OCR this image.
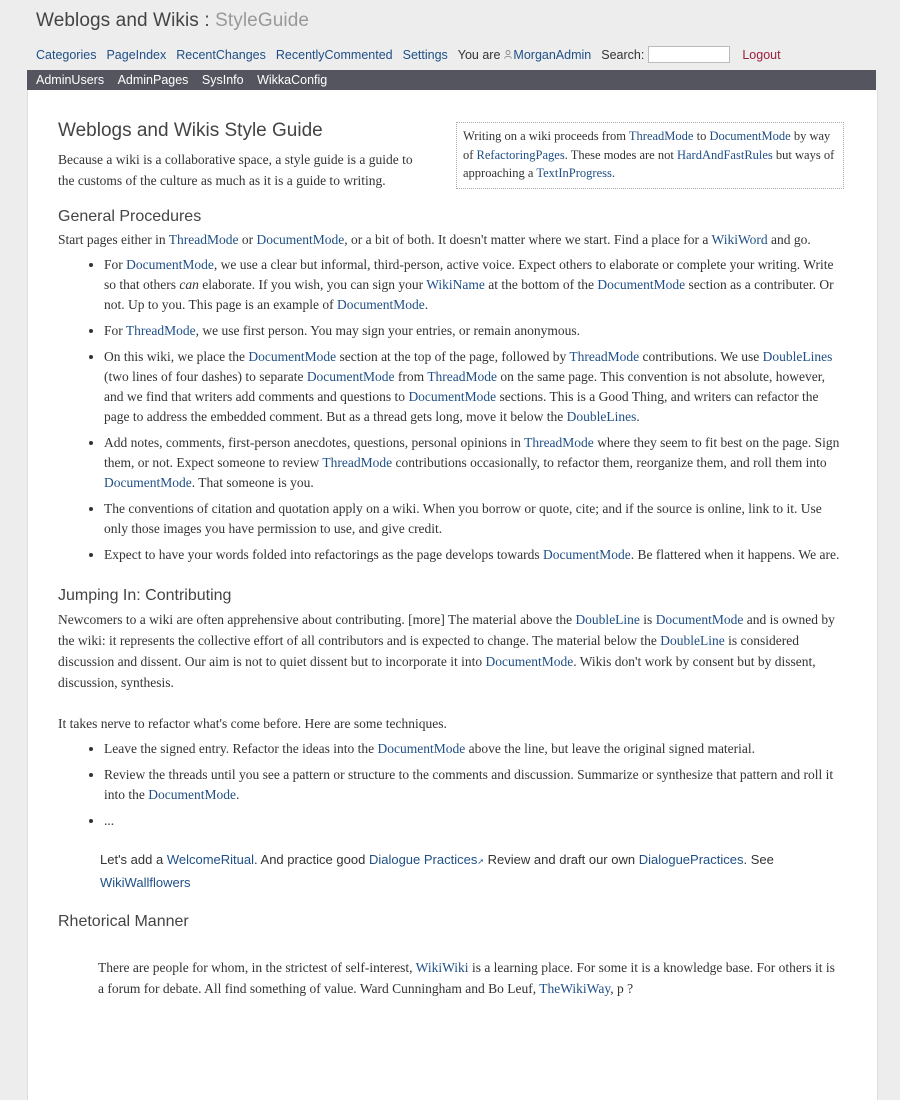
Weblogs and Wikis : StyleGuide
Categories PageIndex RecentChanges RecentlyCommented Settings You are MorganAdmin Search:	Logout
AdminUsers AdminPages SysInfo WikkaConfig
Writing on a wiki proceeds from ThreadMode to DocumentMode by way of RefactoringPages. These modes are not HardAndFastRules but ways of approaching a TextInProgress.
Weblogs and Wikis Style Guide

Because a wiki is a collaborative space, a style guide is a guide to the customs of the culture as much as it is a guide to writing.

General Procedures

Start pages either in ThreadMode or DocumentMode, or a bit of both. It doesn't matter where we start. Find a place for a WikiWord and go.

• For DocumentMode, we use a clear but informal, third-person, active voice. Expect others to elaborate or complete your writing. Write so that others can elaborate. If you wish, you can sign your WikiName at the bottom of the DocumentMode section as a contributer. Or not. Up to you. This page is an example of DocumentMode.
• For ThreadMode, we use first person. You may sign your entries, or remain anonymous.
• On this wiki, we place the DocumentMode section at the top of the page, followed by ThreadMode contributions. We use DoubleLines (two lines of four dashes) to separate DocumentMode from ThreadMode on the same page. This convention is not absolute, however, and we find that writers add comments and questions to DocumentMode sections. This is a Good Thing, and writers can refactor the page to address the embedded comment. But as a thread gets long, move it below the DoubleLines.
• Add notes, comments, first-person anecdotes, questions, personal opinions in ThreadMode where they seem to fit best on the page. Sign them, or not. Expect someone to review ThreadMode contributions occasionally, to refactor them, reorganize them, and roll them into DocumentMode. That someone is you.
• The conventions of citation and quotation apply on a wiki. When you borrow or quote, cite; and if the source is online, link to it. Use only those images you have permission to use, and give credit.
• Expect to have your words folded into refactorings as the page develops towards DocumentMode. Be flattered when it happens. We are.
Jumping In: Contributing

Newcomers to a wiki are often apprehensive about contributing. [more] The material above the DoubleLine is DocumentMode and is owned by the wiki: it represents the collective effort of all contributors and is expected to change. The material below the DoubleLine is considered discussion and dissent. Our aim is not to quiet dissent but to incorporate it into DocumentMode. Wikis don't work by consent but by dissent, discussion, synthesis.

It takes nerve to refactor what's come before. Here are some techniques.

• Leave the signed entry. Refactor the ideas into the DocumentMode above the line, but leave the original signed material.
• Review the threads until you see a pattern or structure to the comments and discussion. Summarize or synthesize that pattern and roll it into the DocumentMode.
• ...

Let's add a WelcomeRitual. And practice good Dialogue Practices➚ Review and draft our own DialoguePractices. See WikiWallflowers

Rhetorical Manner

There are people for whom, in the strictest of self-interest, WikiWiki is a learning place. For some it is a knowledge base. For others it is a forum for debate. All find something of value. Ward Cunningham and Bo Leuf, TheWikiWay, p ?
